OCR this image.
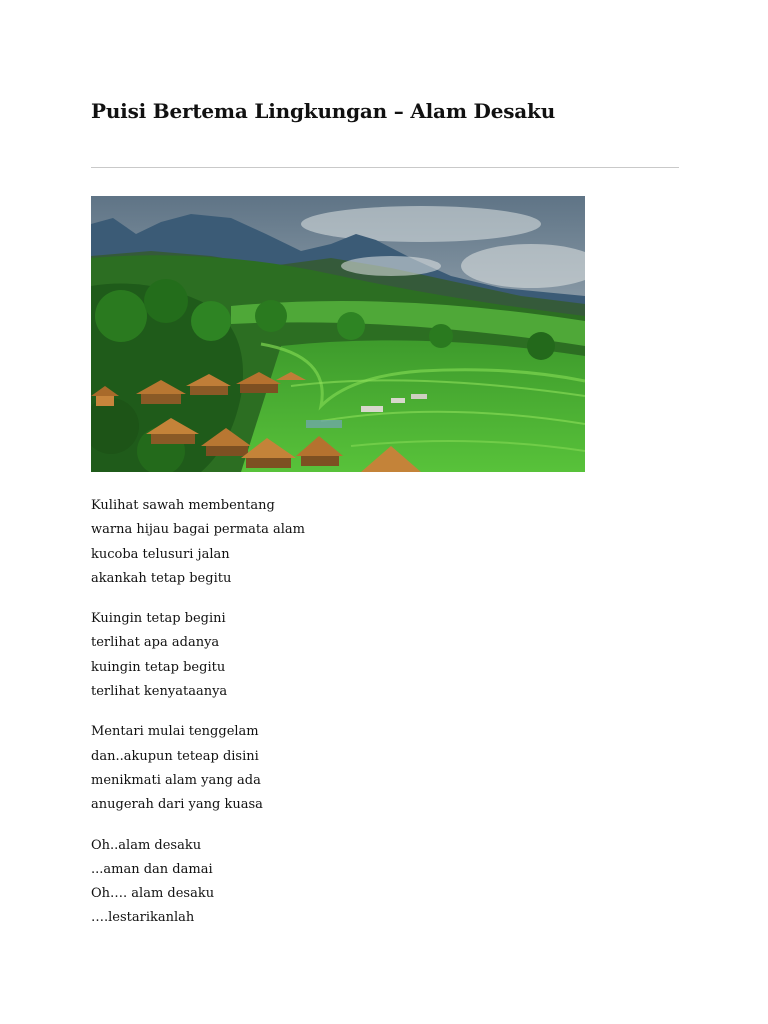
Puisi Bertema Lingkungan – Alam Desaku
Kulihat sawah membentang
warna hijau bagai permata alam
kucoba telusuri jalan
akankah tetap begitu
Kuingin tetap begini
terlihat apa adanya
kuingin tetap begitu
terlihat kenyataanya
Mentari mulai tenggelam
dan..akupun teteap disini
menikmati alam yang ada
anugerah dari yang kuasa
Oh..alam desaku
...aman dan damai
Oh…. alam desaku
….lestarikanlah
